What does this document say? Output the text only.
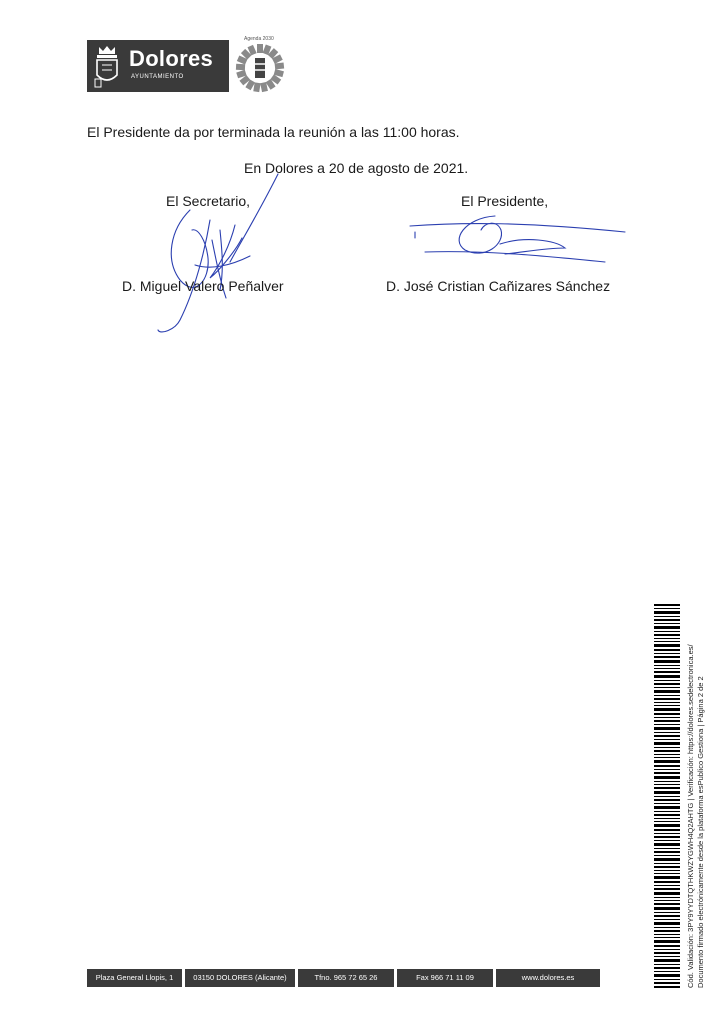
Dolores
AYUNTAMIENTO
Agenda 2030
El Presidente da por terminada la reunión a las 11:00 horas.
En Dolores a 20 de agosto de 2021.
El Secretario,	El Presidente,
D. Miguel Valero Peñalver	D. José Cristian Cañizares Sánchez
Cód. Validación: 3PY9YYDTQTHKWZYGWH4Q2AHTG | Verificación: https://dolores.sedelectronica.es/ Documento firmado electrónicamente desde la plataforma esPublico Gestiona | Página 2 de 2
Plaza General Llopis, 1	03150 DOLORES (Alicante)	Tfno. 965 72 65 26	Fax 966 71 11 09	www.dolores.es
